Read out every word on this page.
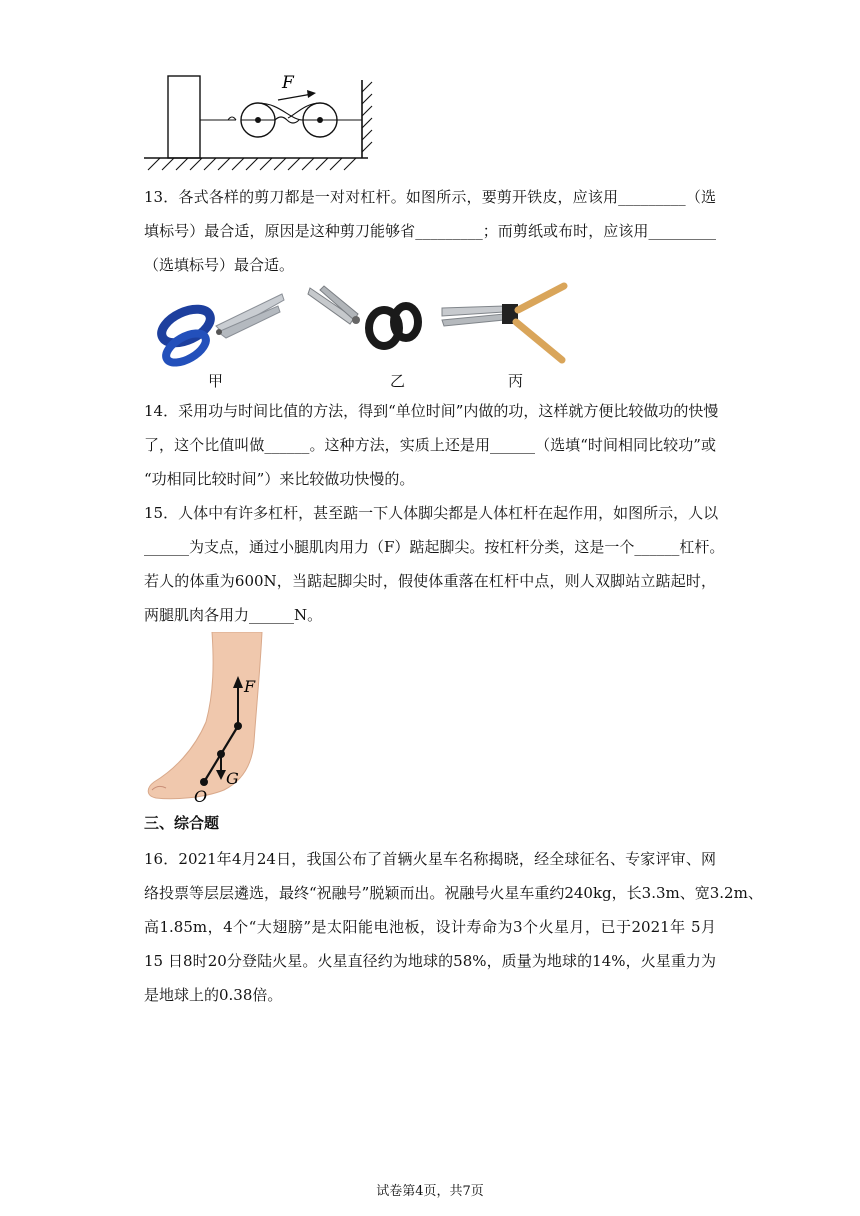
F
13．各式各样的剪刀都是一对对杠杆。如图所示，要剪开铁皮，应该用_________（选
填标号）最合适，原因是这种剪刀能够省_________；而剪纸或布时，应该用_________
（选填标号）最合适。
甲	乙	丙
14．采用功与时间比值的方法，得到“单位时间”内做的功，这样就方便比较做功的快慢
了，这个比值叫做______。这种方法，实质上还是用______（选填“时间相同比较功”或
“功相同比较时间”）来比较做功快慢的。
15．人体中有许多杠杆，甚至踮一下人体脚尖都是人体杠杆在起作用，如图所示，人以
______为支点，通过小腿肌肉用力（F）踮起脚尖。按杠杆分类，这是一个______杠杆。
若人的体重为600N，当踮起脚尖时，假使体重落在杠杆中点，则人双脚站立踮起时，
两腿肌肉各用力______N。
F
G
O
三、综合题
16．2021年4月24日，我国公布了首辆火星车名称揭晓，经全球征名、专家评审、网
络投票等层层遴选，最终“祝融号”脱颖而出。祝融号火星车重约240kg，长3.3m、宽3.2m、
高1.85m，4个“大翅膀”是太阳能电池板，设计寿命为3个火星月，已于2021年 5月
15 日8时20分登陆火星。火星直径约为地球的58%，质量为地球的14%，火星重力为
是地球上的0.38倍。
试卷第4页，共7页
